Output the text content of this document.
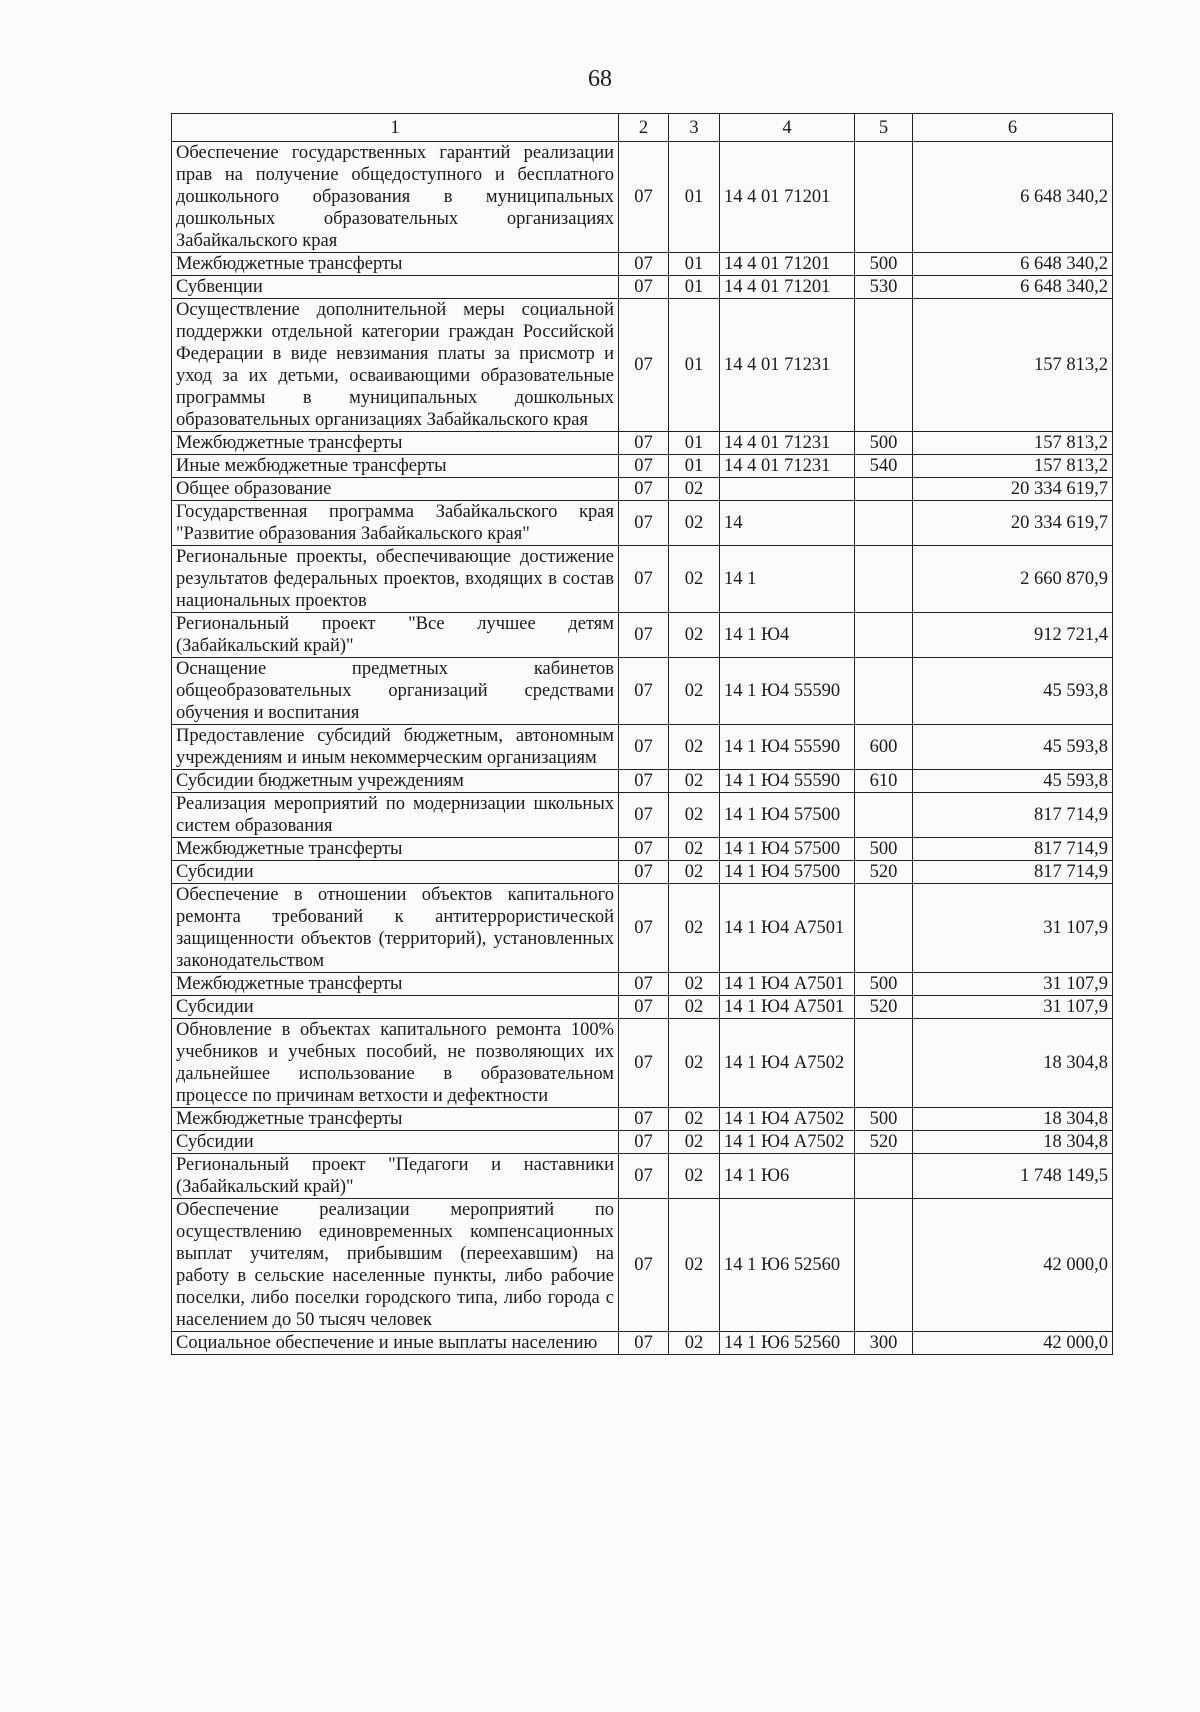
68
1	2	3	4	5	6
Обеспечение государственных гарантий реализации прав на получение общедоступного и бесплатного дошкольного образования в муниципальных дошкольных образовательных организациях Забайкальского края	07	01	14 4 01 71201		6 648 340,2
Межбюджетные трансферты	07	01	14 4 01 71201	500	6 648 340,2
Субвенции	07	01	14 4 01 71201	530	6 648 340,2
Осуществление дополнительной меры социальной поддержки отдельной категории граждан Российской Федерации в виде невзимания платы за присмотр и уход за их детьми, осваивающими образовательные программы в муниципальных дошкольных образовательных организациях Забайкальского края	07	01	14 4 01 71231		157 813,2
Межбюджетные трансферты	07	01	14 4 01 71231	500	157 813,2
Иные межбюджетные трансферты	07	01	14 4 01 71231	540	157 813,2
Общее образование	07	02			20 334 619,7
Государственная программа Забайкальского края "Развитие образования Забайкальского края"	07	02	14		20 334 619,7
Региональные проекты, обеспечивающие достижение результатов федеральных проектов, входящих в состав национальных проектов	07	02	14 1		2 660 870,9
Региональный проект "Все лучшее детям (Забайкальский край)"	07	02	14 1 Ю4		912 721,4
Оснащение предметных кабинетов общеобразовательных организаций средствами обучения и воспитания	07	02	14 1 Ю4 55590		45 593,8
Предоставление субсидий бюджетным, автономным учреждениям и иным некоммерческим организациям	07	02	14 1 Ю4 55590	600	45 593,8
Субсидии бюджетным учреждениям	07	02	14 1 Ю4 55590	610	45 593,8
Реализация мероприятий по модернизации школьных систем образования	07	02	14 1 Ю4 57500		817 714,9
Межбюджетные трансферты	07	02	14 1 Ю4 57500	500	817 714,9
Субсидии	07	02	14 1 Ю4 57500	520	817 714,9
Обеспечение в отношении объектов капитального ремонта требований к антитеррористической защищенности объектов (территорий), установленных законодательством	07	02	14 1 Ю4 А7501		31 107,9
Межбюджетные трансферты	07	02	14 1 Ю4 А7501	500	31 107,9
Субсидии	07	02	14 1 Ю4 А7501	520	31 107,9
Обновление в объектах капитального ремонта 100% учебников и учебных пособий, не позволяющих их дальнейшее использование в образовательном процессе по причинам ветхости и дефектности	07	02	14 1 Ю4 А7502		18 304,8
Межбюджетные трансферты	07	02	14 1 Ю4 А7502	500	18 304,8
Субсидии	07	02	14 1 Ю4 А7502	520	18 304,8
Региональный проект "Педагоги и наставники (Забайкальский край)"	07	02	14 1 Ю6		1 748 149,5
Обеспечение реализации мероприятий по осуществлению единовременных компенсационных выплат учителям, прибывшим (переехавшим) на работу в сельские населенные пункты, либо рабочие поселки, либо поселки городского типа, либо города с населением до 50 тысяч человек	07	02	14 1 Ю6 52560		42 000,0
Социальное обеспечение и иные выплаты населению	07	02	14 1 Ю6 52560	300	42 000,0
